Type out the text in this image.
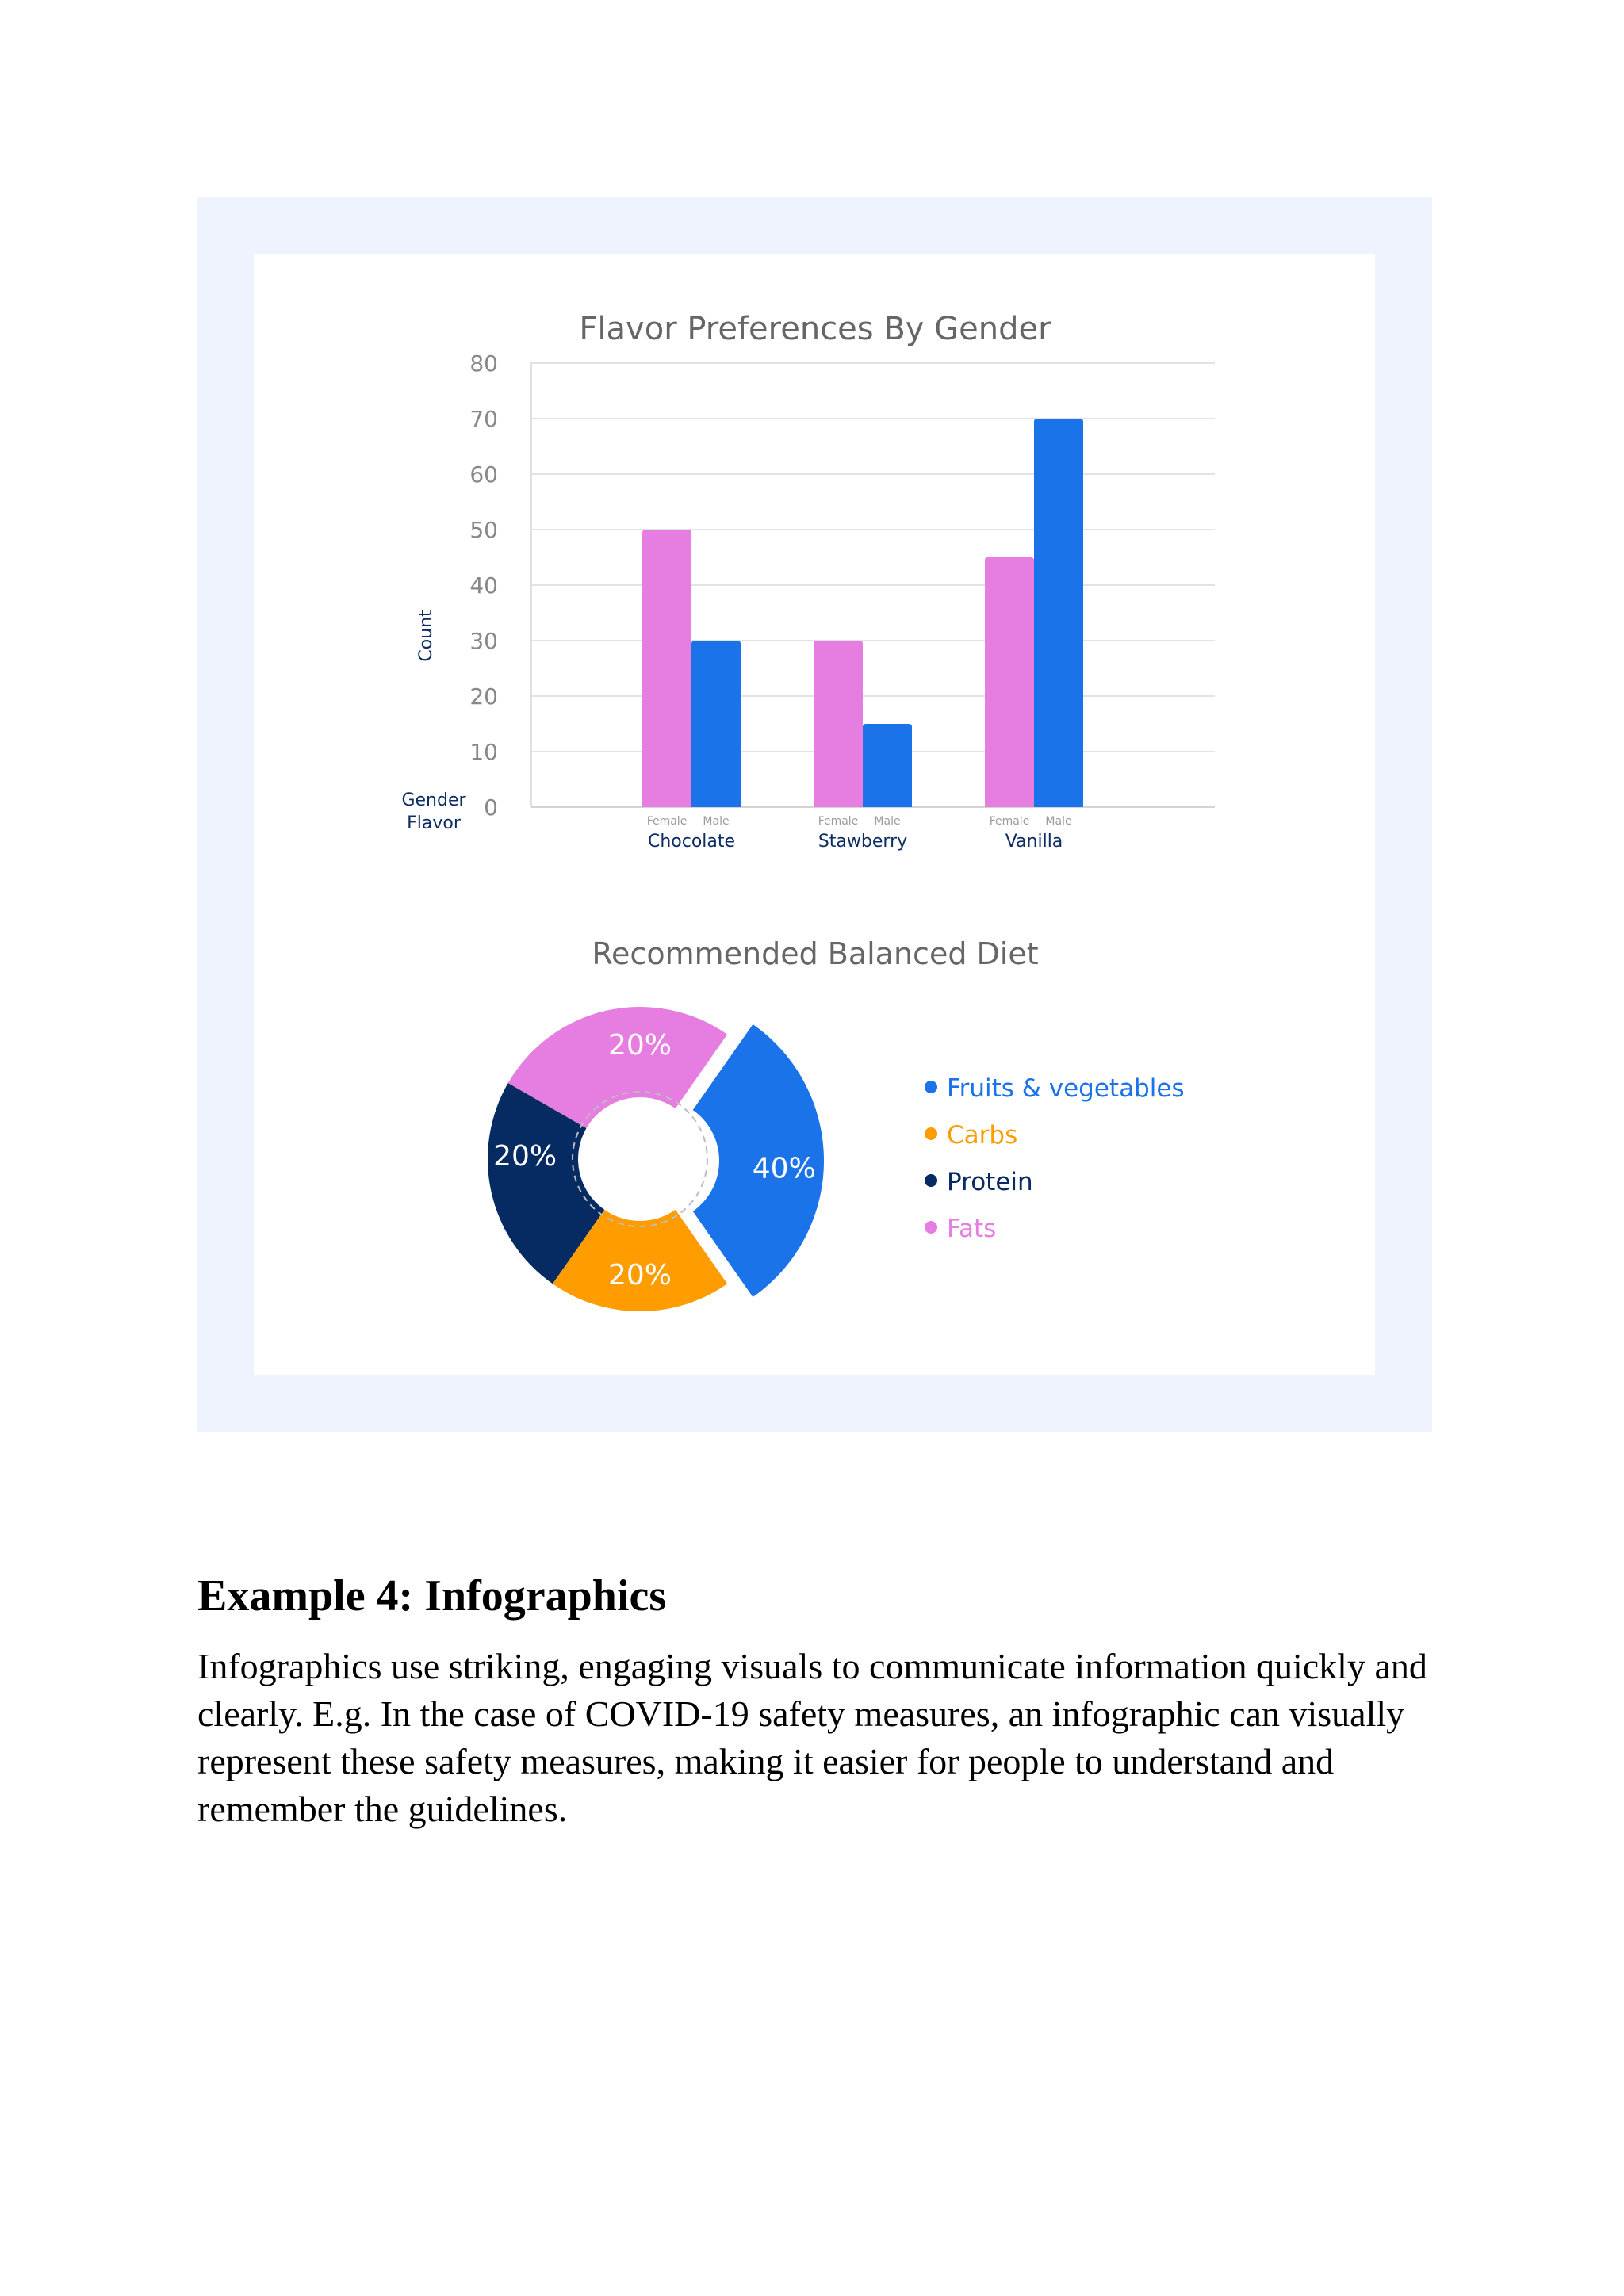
Flavor Preferences By Gender
Count
Gender
Flavor
0
10
20
30
40
50
60
70
80
Female Male
Chocolate
Female Male
Stawberry
Female Male
Vanilla
Recommended Balanced Diet
40%
20%
20%
20%
Fruits & vegetables
Carbs
Protein
Fats
Example 4: Infographics

Infographics use striking, engaging visuals to communicate information quickly and clearly. E.g. In the case of COVID-19 safety measures, an infographic can visually represent these safety measures, making it easier for people to understand and remember the guidelines.
